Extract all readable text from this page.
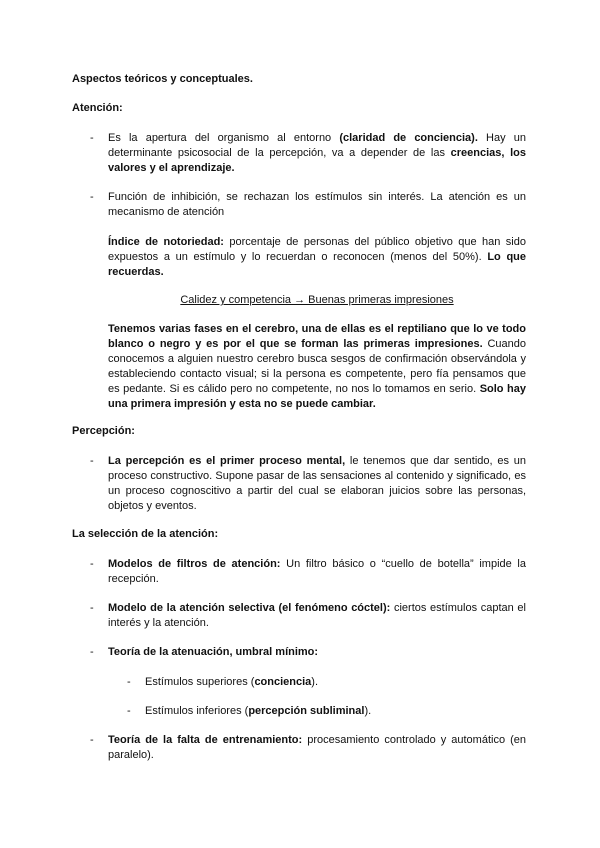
Aspectos teóricos y conceptuales.
Atención:
- Es la apertura del organismo al entorno (claridad de conciencia). Hay un determinante psicosocial de la percepción, va a depender de las creencias, los valores y el aprendizaje.
- Función de inhibición, se rechazan los estímulos sin interés. La atención es un mecanismo de atención
Índice de notoriedad: porcentaje de personas del público objetivo que han sido expuestos a un estímulo y lo recuerdan o reconocen (menos del 50%). Lo que recuerdas.
Calidez y competencia → Buenas primeras impresiones
Tenemos varias fases en el cerebro, una de ellas es el reptiliano que lo ve todo blanco o negro y es por el que se forman las primeras impresiones. Cuando conocemos a alguien nuestro cerebro busca sesgos de confirmación observándola y estableciendo contacto visual; si la persona es competente, pero fía pensamos que es pedante. Si es cálido pero no competente, no nos lo tomamos en serio. Solo hay una primera impresión y esta no se puede cambiar.
Percepción:
- La percepción es el primer proceso mental, le tenemos que dar sentido, es un proceso constructivo. Supone pasar de las sensaciones al contenido y significado, es un proceso cognoscitivo a partir del cual se elaboran juicios sobre las personas, objetos y eventos.
La selección de la atención:
- Modelos de filtros de atención: Un filtro básico o “cuello de botella” impide la recepción.
- Modelo de la atención selectiva (el fenómeno cóctel): ciertos estímulos captan el interés y la atención.
- Teoría de la atenuación, umbral mínimo:
- Estímulos superiores (conciencia).
- Estímulos inferiores (percepción subliminal).
- Teoría de la falta de entrenamiento: procesamiento controlado y automático (en paralelo).
